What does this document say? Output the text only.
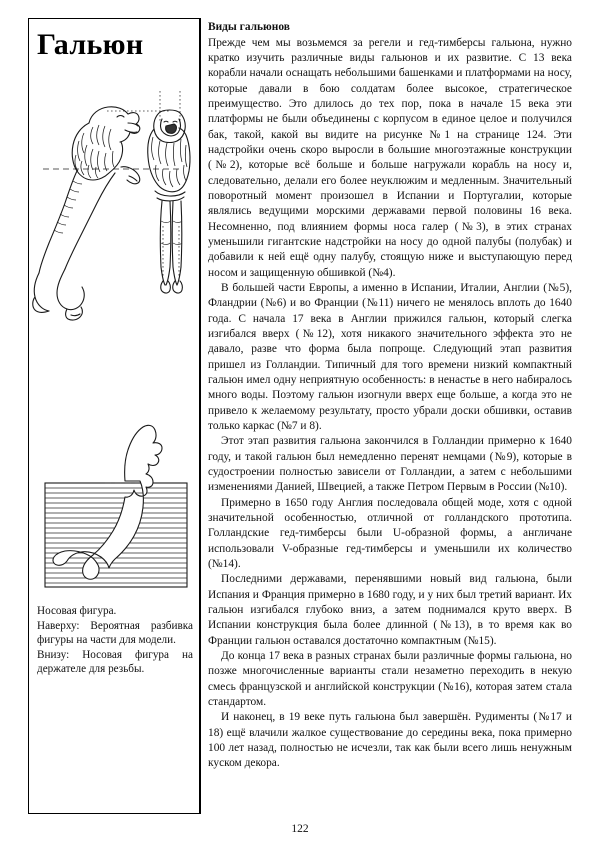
Гальюн

Носовая фигура.

Наверху: Вероятная разбивка фигуры на части для модели.

Внизу: Носовая фигура на держателе для резьбы.

Виды гальюнов

Прежде чем мы возьмемся за регели и гед-тимберсы гальюна, нужно кратко изучить различные виды гальюнов и их развитие. С 13 века корабли начали оснащать небольшими башенками и платформами на носу, которые давали в бою солдатам более высокое, стратегическое преимущество. Это длилось до тех пор, пока в начале 15 века эти платформы не были объединены с корпусом в единое целое и получился бак, такой, какой вы видите на рисунке №1 на странице 124. Эти надстройки очень скоро выросли в большие многоэтажные конструкции (№2), которые всё больше и больше нагружали корабль на носу и, следовательно, делали его более неуклюжим и медленным. Значительный поворотный момент произошел в Испании и Португалии, которые являлись ведущими морскими державами первой половины 16 века. Несомненно, под влиянием формы носа галер (№3), в этих странах уменьшили гигантские надстройки на носу до одной палубы (полубак) и добавили к ней ещё одну палубу, стоящую ниже и выступающую перед носом и защищенную обшивкой (№4).

В большей части Европы, а именно в Испании, Италии, Англии (№5), Фландрии (№6) и во Франции (№11) ничего не менялось вплоть до 1640 года. С начала 17 века в Англии прижился гальюн, который слегка изгибался вверх (№12), хотя никакого значительного эффекта это не давало, разве что форма была попроще. Следующий этап развития пришел из Голландии. Типичный для того времени низкий компактный гальюн имел одну неприятную особенность: в ненастье в него набиралось много воды. Поэтому гальюн изогнули вверх еще больше, а когда это не привело к желаемому результату, просто убрали доски обшивки, оставив только каркас (№7 и 8).

Этот этап развития гальюна закончился в Голландии примерно к 1640 году, и такой гальюн был немедленно перенят немцами (№9), которые в судостроении полностью зависели от Голландии, а затем с небольшими изменениями Данией, Швецией, а также Петром Первым в России (№10).

Примерно в 1650 году Англия последовала общей моде, хотя с одной значительной особенностью, отличной от голландского прототипа. Голландские гед-тимберсы были U-образной формы, а англичане использовали V-образные гед-тимберсы и уменьшили их количество (№14).

Последними державами, перенявшими новый вид гальюна, были Испания и Франция примерно в 1680 году, и у них был третий вариант. Их гальюн изгибался глубоко вниз, а затем поднимался круто вверх. В Испании конструкция была более длинной (№13), в то время как во Франции гальюн оставался достаточно компактным (№15).

До конца 17 века в разных странах были различные формы гальюна, но позже многочисленные варианты стали незаметно переходить в некую смесь французской и английской конструкции (№16), которая затем стала стандартом.

И наконец, в 19 веке путь гальюна был завершён. Рудименты (№17 и 18) ещё влачили жалкое существование до середины века, пока примерно 100 лет назад, полностью не исчезли, так как были всего лишь ненужным куском декора.

122
